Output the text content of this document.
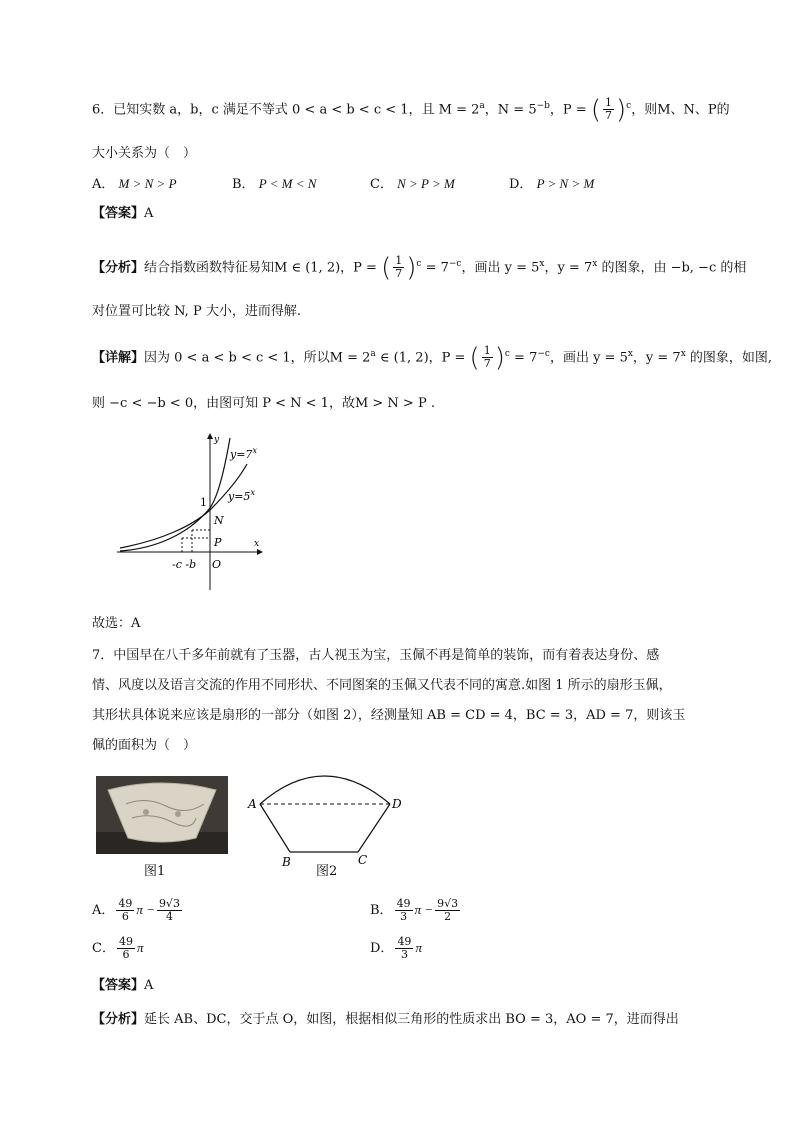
6．已知实数 a，b，c 满足不等式 0 < a < b < c < 1，且 $M = 2^a$，$N = 5^{-b}$，P = ( $\frac{1}{7} )^c$，则M、N、P的
大小关系为（　）
A． M > N > P	B． P < M < N	C． N > P > M	D． P > N > M
【答案】A
【分析】结合指数函数特征易知M ∈ (1, 2)，P = ( $\frac{1}{7} )^c = 7^{-c}$，画出 $y = 5^x$，$y = 7^x$ 的图象，由 −b, −c 的相
对位置可比较 N, P 大小，进而得解.
【详解】因为 0 < a < b < c < 1，所以$M = 2^a$ ∈ (1, 2)，P = ( $\frac{1}{7} )^c = 7^{-c}$，画出 $y = 5^x$，$y = 7^x$ 的图象，如图,
则 −c < −b < 0，由图可知 P < N < 1，故M > N > P .
y
x
$y=7^x$
$y=5^x$
1
N
P
O
-c -b
故选：A
7．中国早在八千多年前就有了玉器，古人视玉为宝，玉佩不再是简单的装饰，而有着表达身份、感
情、风度以及语言交流的作用不同形状、不同图案的玉佩又代表不同的寓意.如图 1 所示的扇形玉佩，
其形状具体说来应该是扇形的一部分（如图 2），经测量知 AB = CD = 4，BC = 3，AD = 7，则该玉
佩的面积为（　）
图1
A	D
B	C
图2
A． $\frac{49}{6}$ $\pi - \frac{9√3}{4}$	B． $\frac{49}{3}$ $\pi - \frac{9√3}{2}$
C． $\frac{49}{6}$ π	D． $\frac{49}{3}$ π
【答案】A
【分析】延长 AB、DC，交于点 O，如图，根据相似三角形的性质求出 BO = 3，AO = 7，进而得出
